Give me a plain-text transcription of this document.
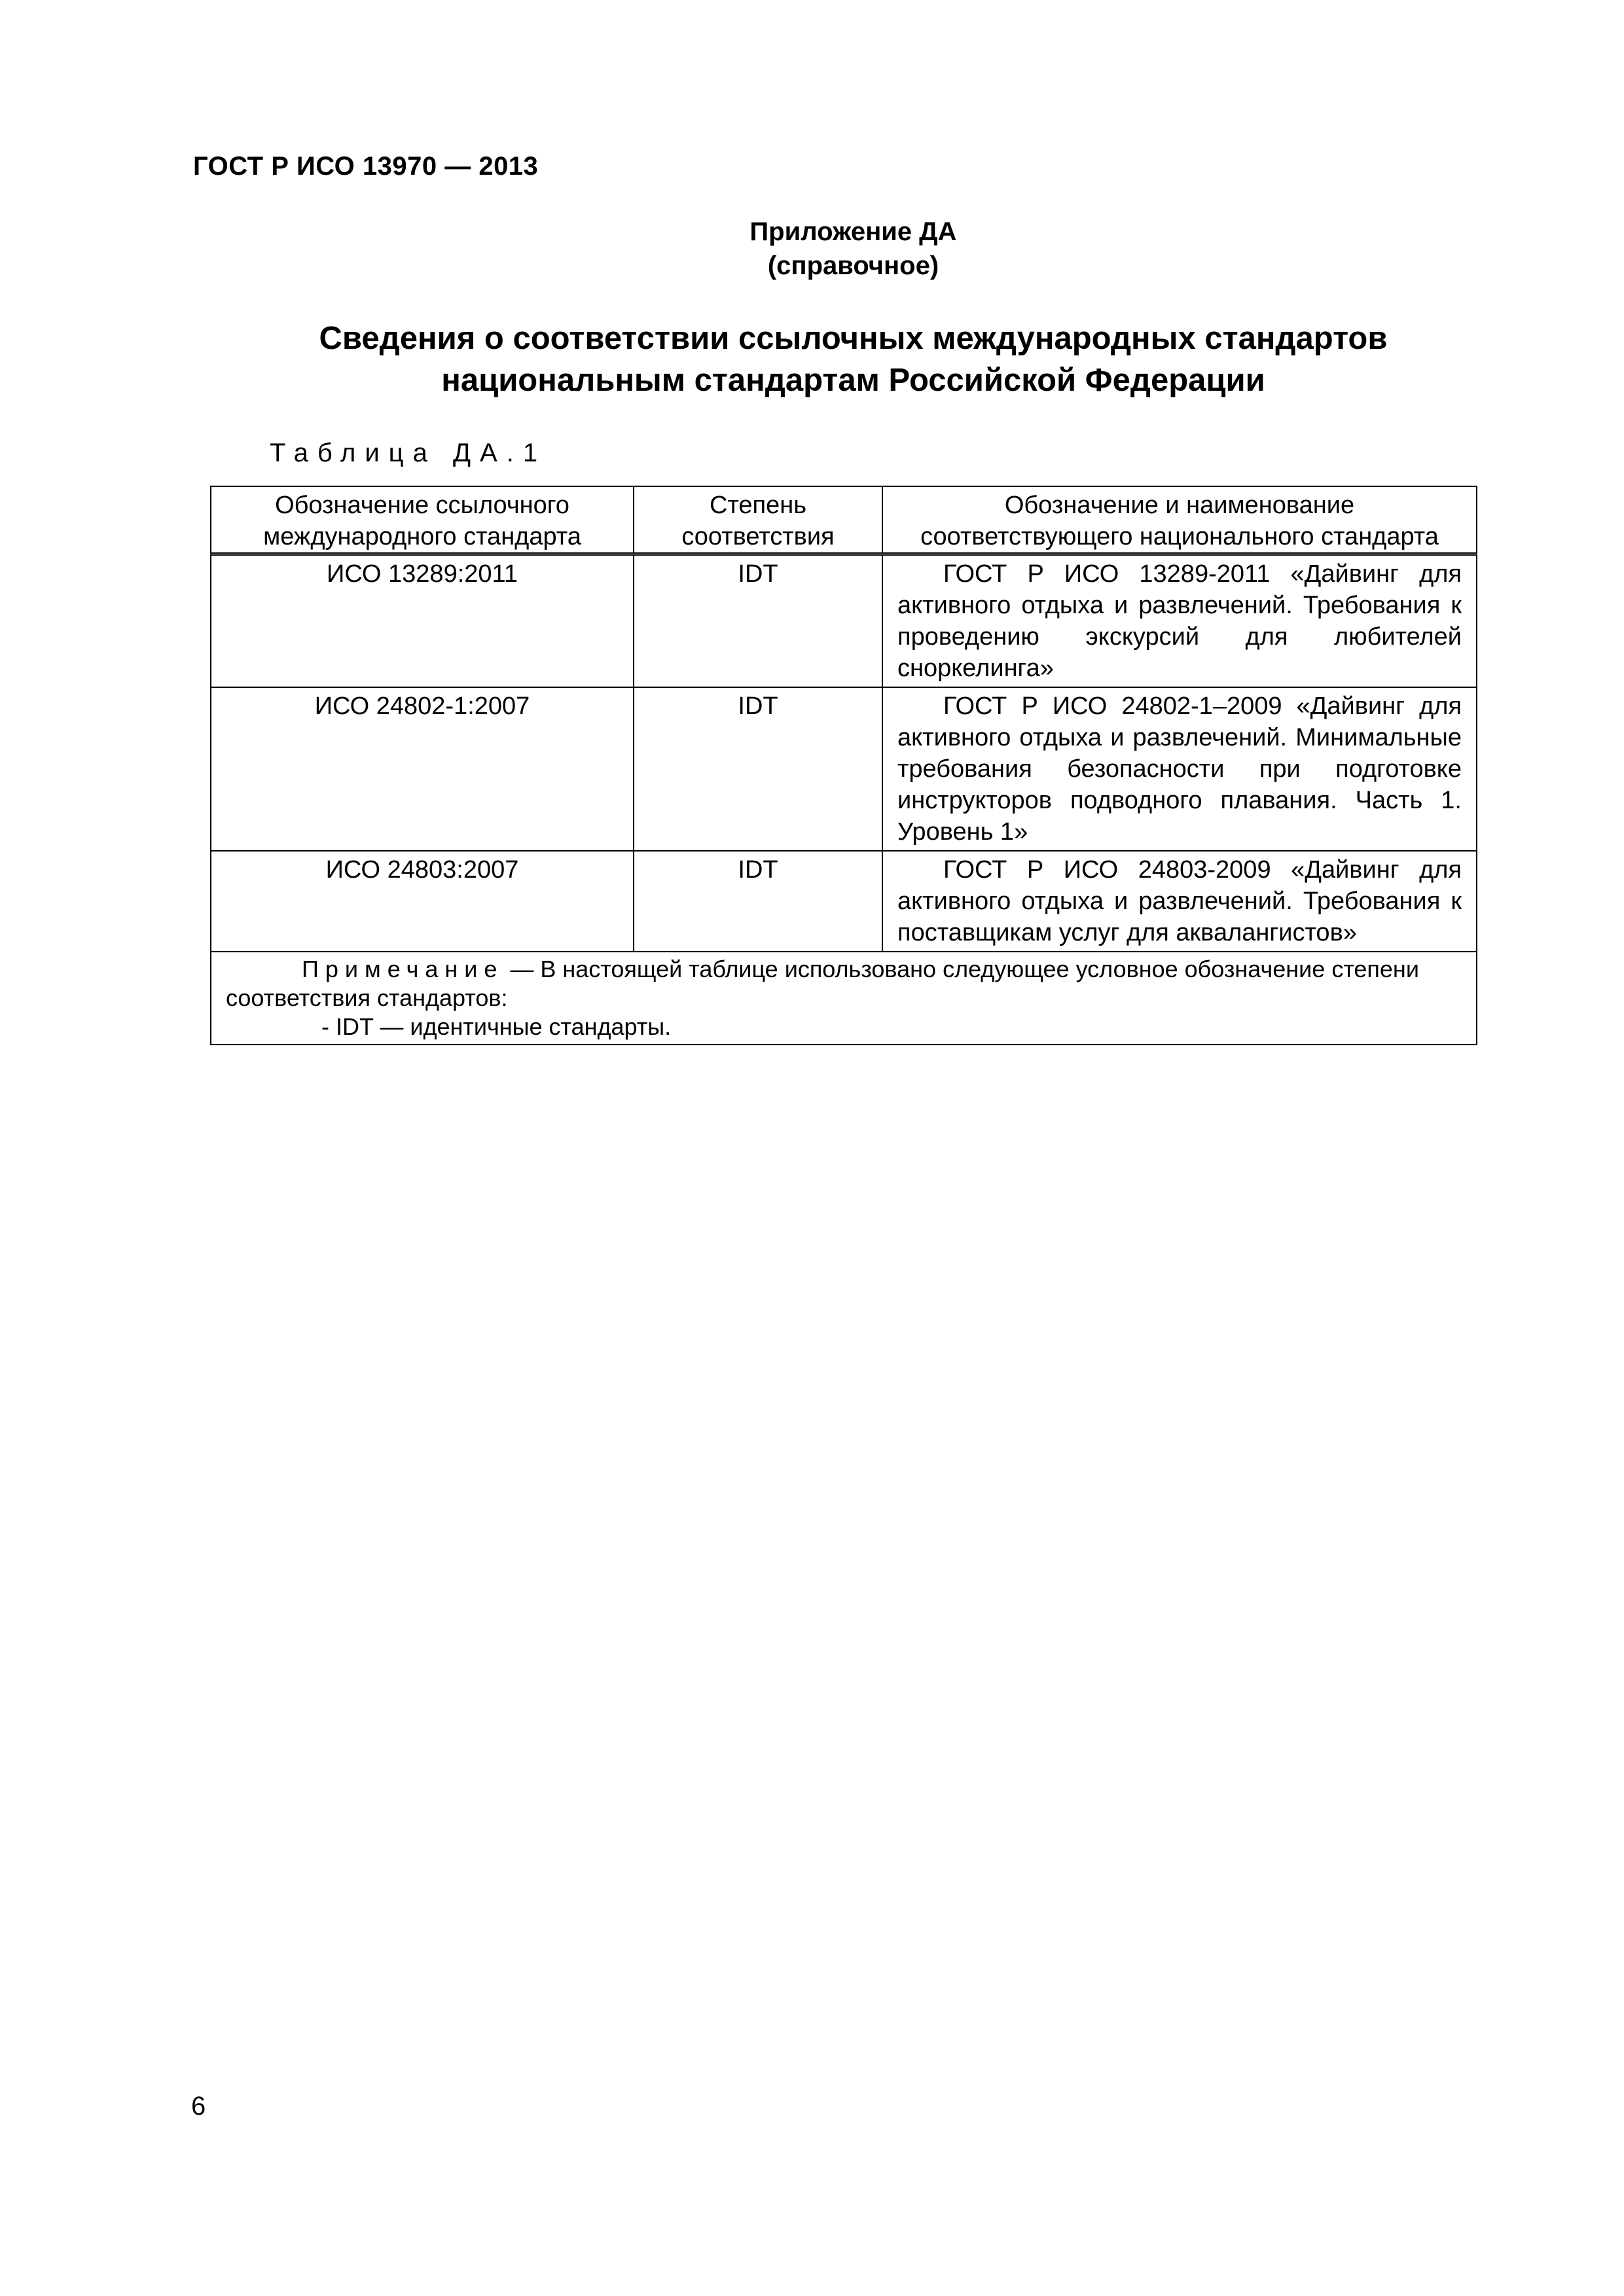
ГОСТ Р ИСО 13970 — 2013
Приложение ДА
(справочное)
Сведения о соответствии ссылочных международных стандартов
национальным стандартам Российской Федерации
Таблица ДА.1
Обозначение ссылочного международного стандарта	Степень соответствия	Обозначение и наименование соответствующего национального стандарта
ИСО 13289:2011	IDT	ГОСТ Р ИСО 13289-2011 «Дайвинг для активного отдыха и развлечений. Требования к проведению экскурсий для любителей сноркелинга»
ИСО 24802-1:2007	IDT	ГОСТ Р ИСО 24802-1–2009 «Дайвинг для активного отдыха и развлечений. Минимальные требования безопасности при подготовке инструкторов подводного плавания. Часть 1. Уровень 1»
ИСО 24803:2007	IDT	ГОСТ Р ИСО 24803-2009 «Дайвинг для активного отдыха и развлечений. Требования к поставщикам услуг для аквалангистов»

Примечание — В настоящей таблице использовано следующее условное обозначение степени соответствия стандартов:
- IDT — идентичные стандарты.		
6
